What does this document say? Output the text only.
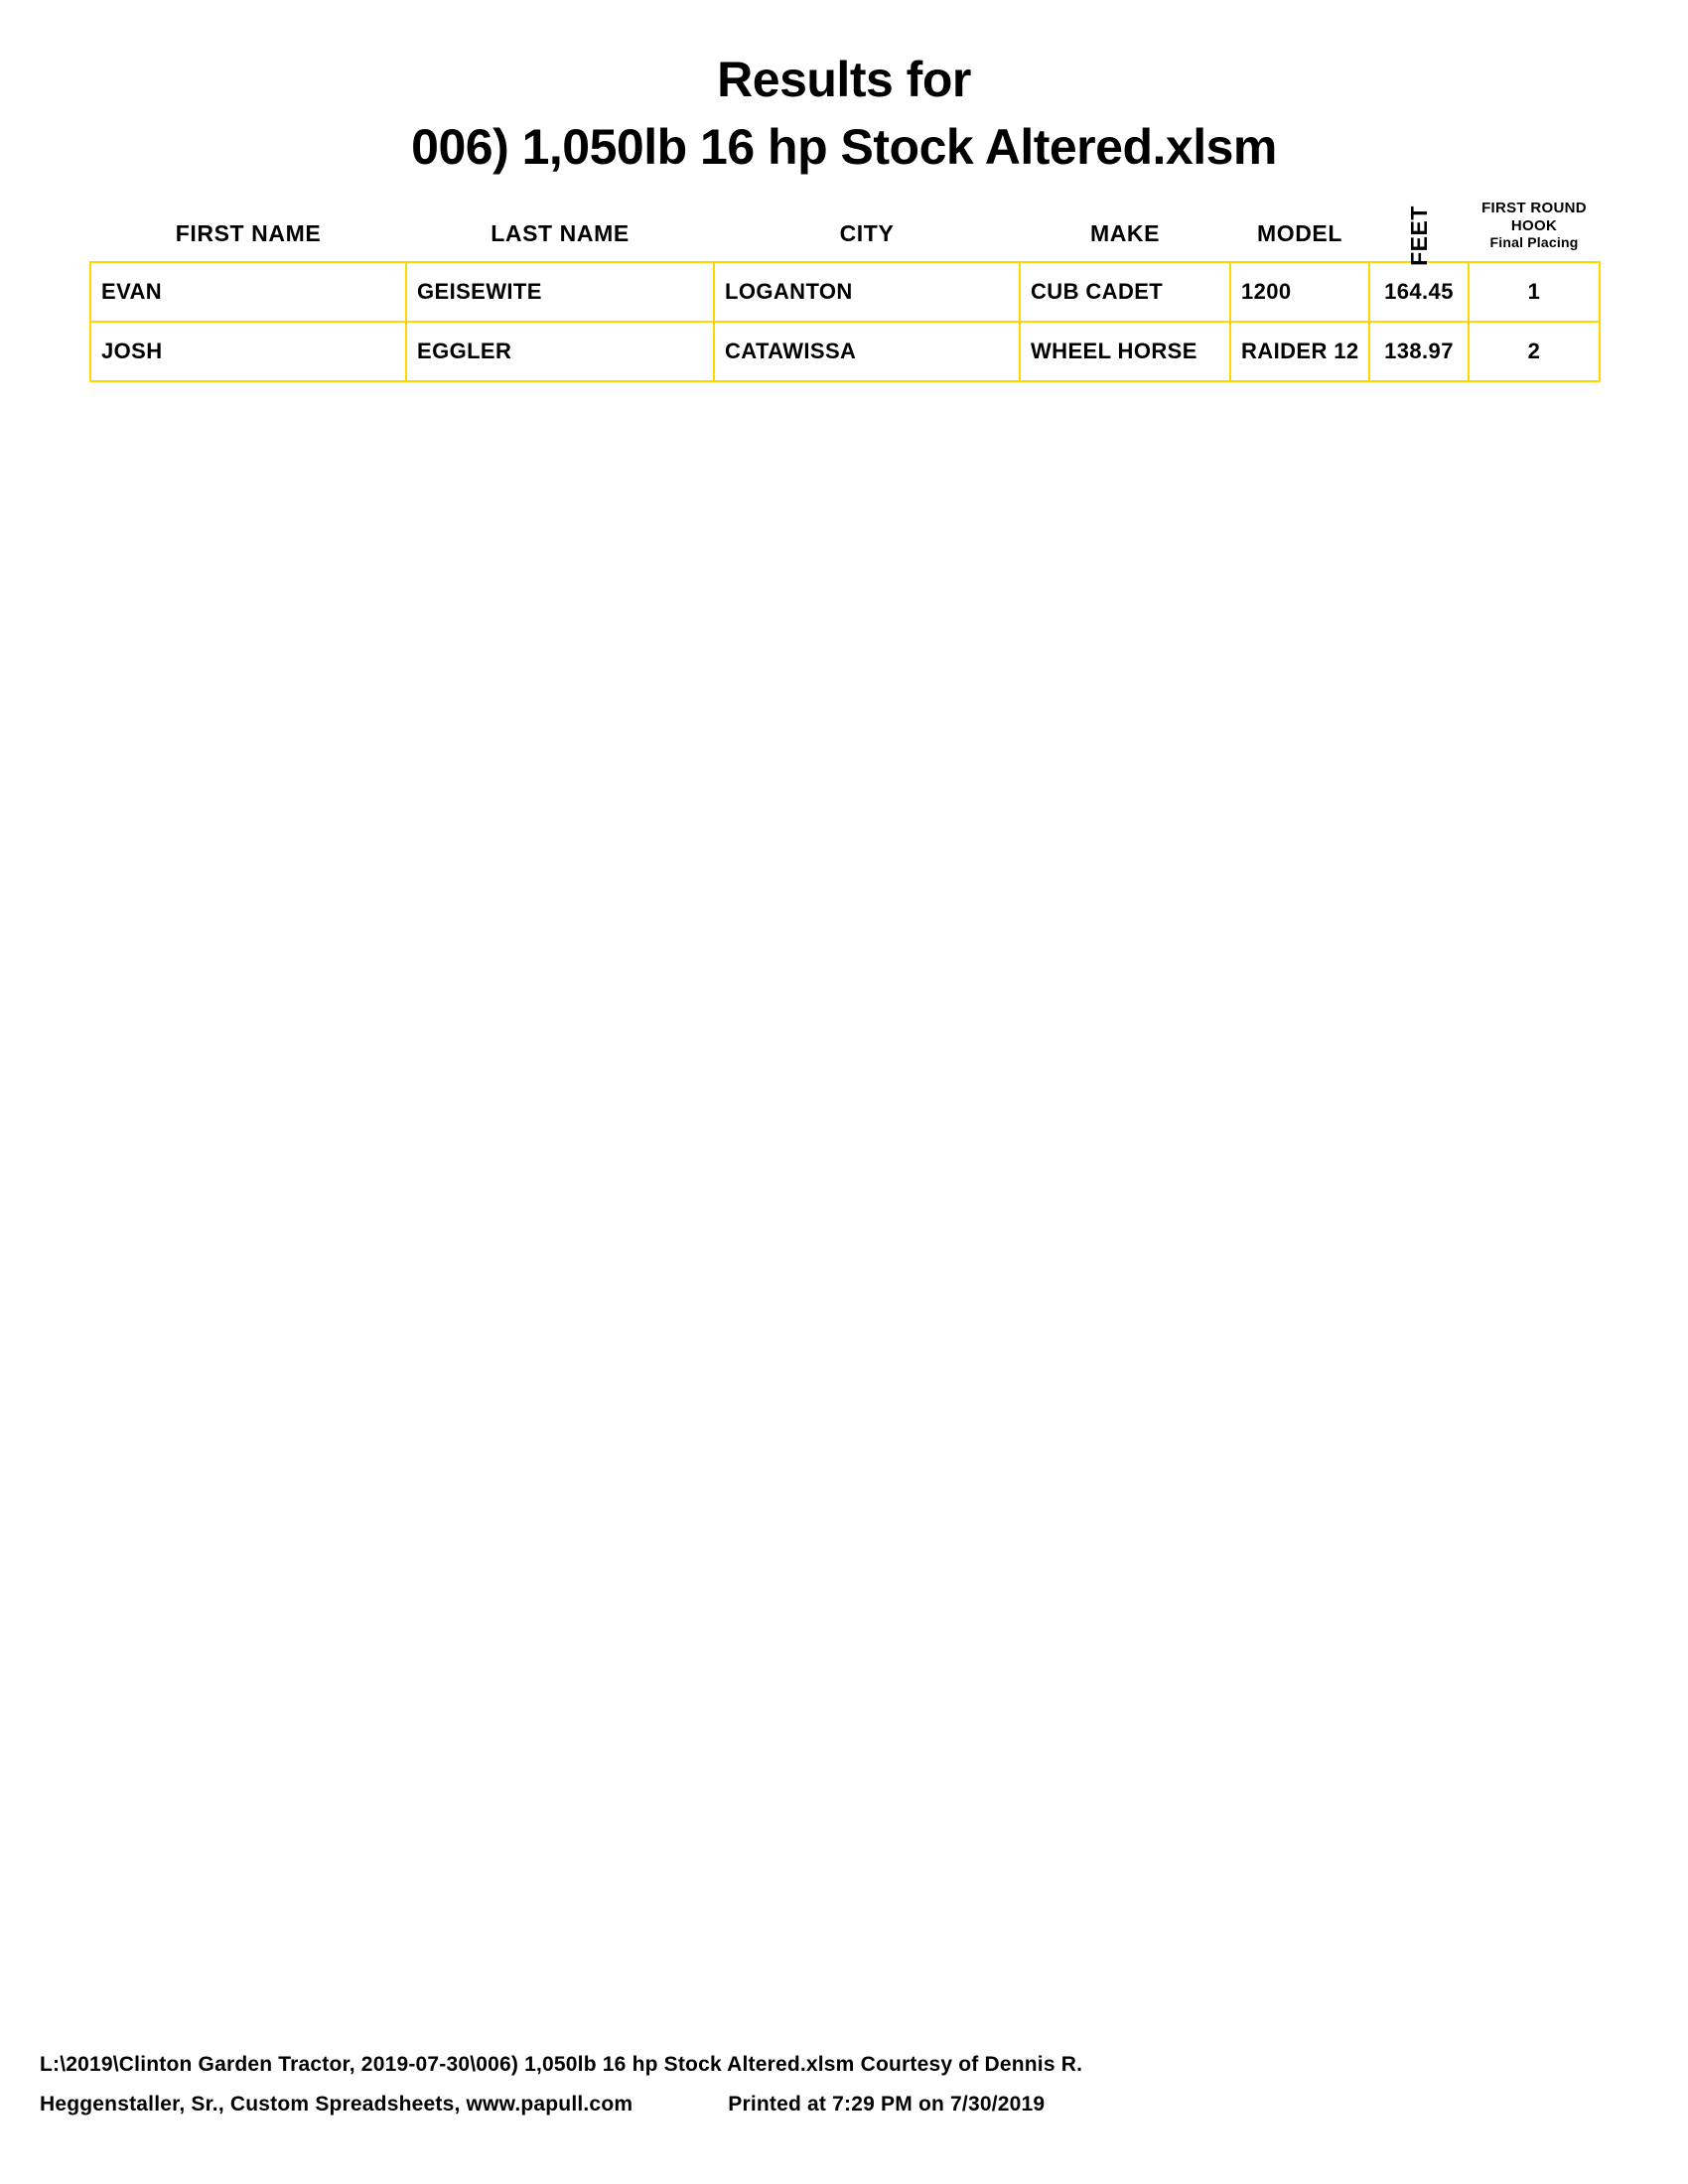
Results for
006) 1,050lb 16 hp Stock Altered.xlsm
FIRST NAME	LAST NAME	CITY	MAKE	MODEL	FEET	FIRST ROUND
HOOK
Final Placing

EVAN	GEISEWITE	LOGANTON	CUB CADET	1200	164.45	1
JOSH	EGGLER	CATAWISSA	WHEEL HORSE	RAIDER 12	138.97	2
L:\2019\Clinton Garden Tractor, 2019-07-30\006) 1,050lb 16 hp Stock Altered.xlsm Courtesy of Dennis R.
Heggenstaller, Sr., Custom Spreadsheets, www.papull.com	Printed at 7:29 PM on 7/30/2019
